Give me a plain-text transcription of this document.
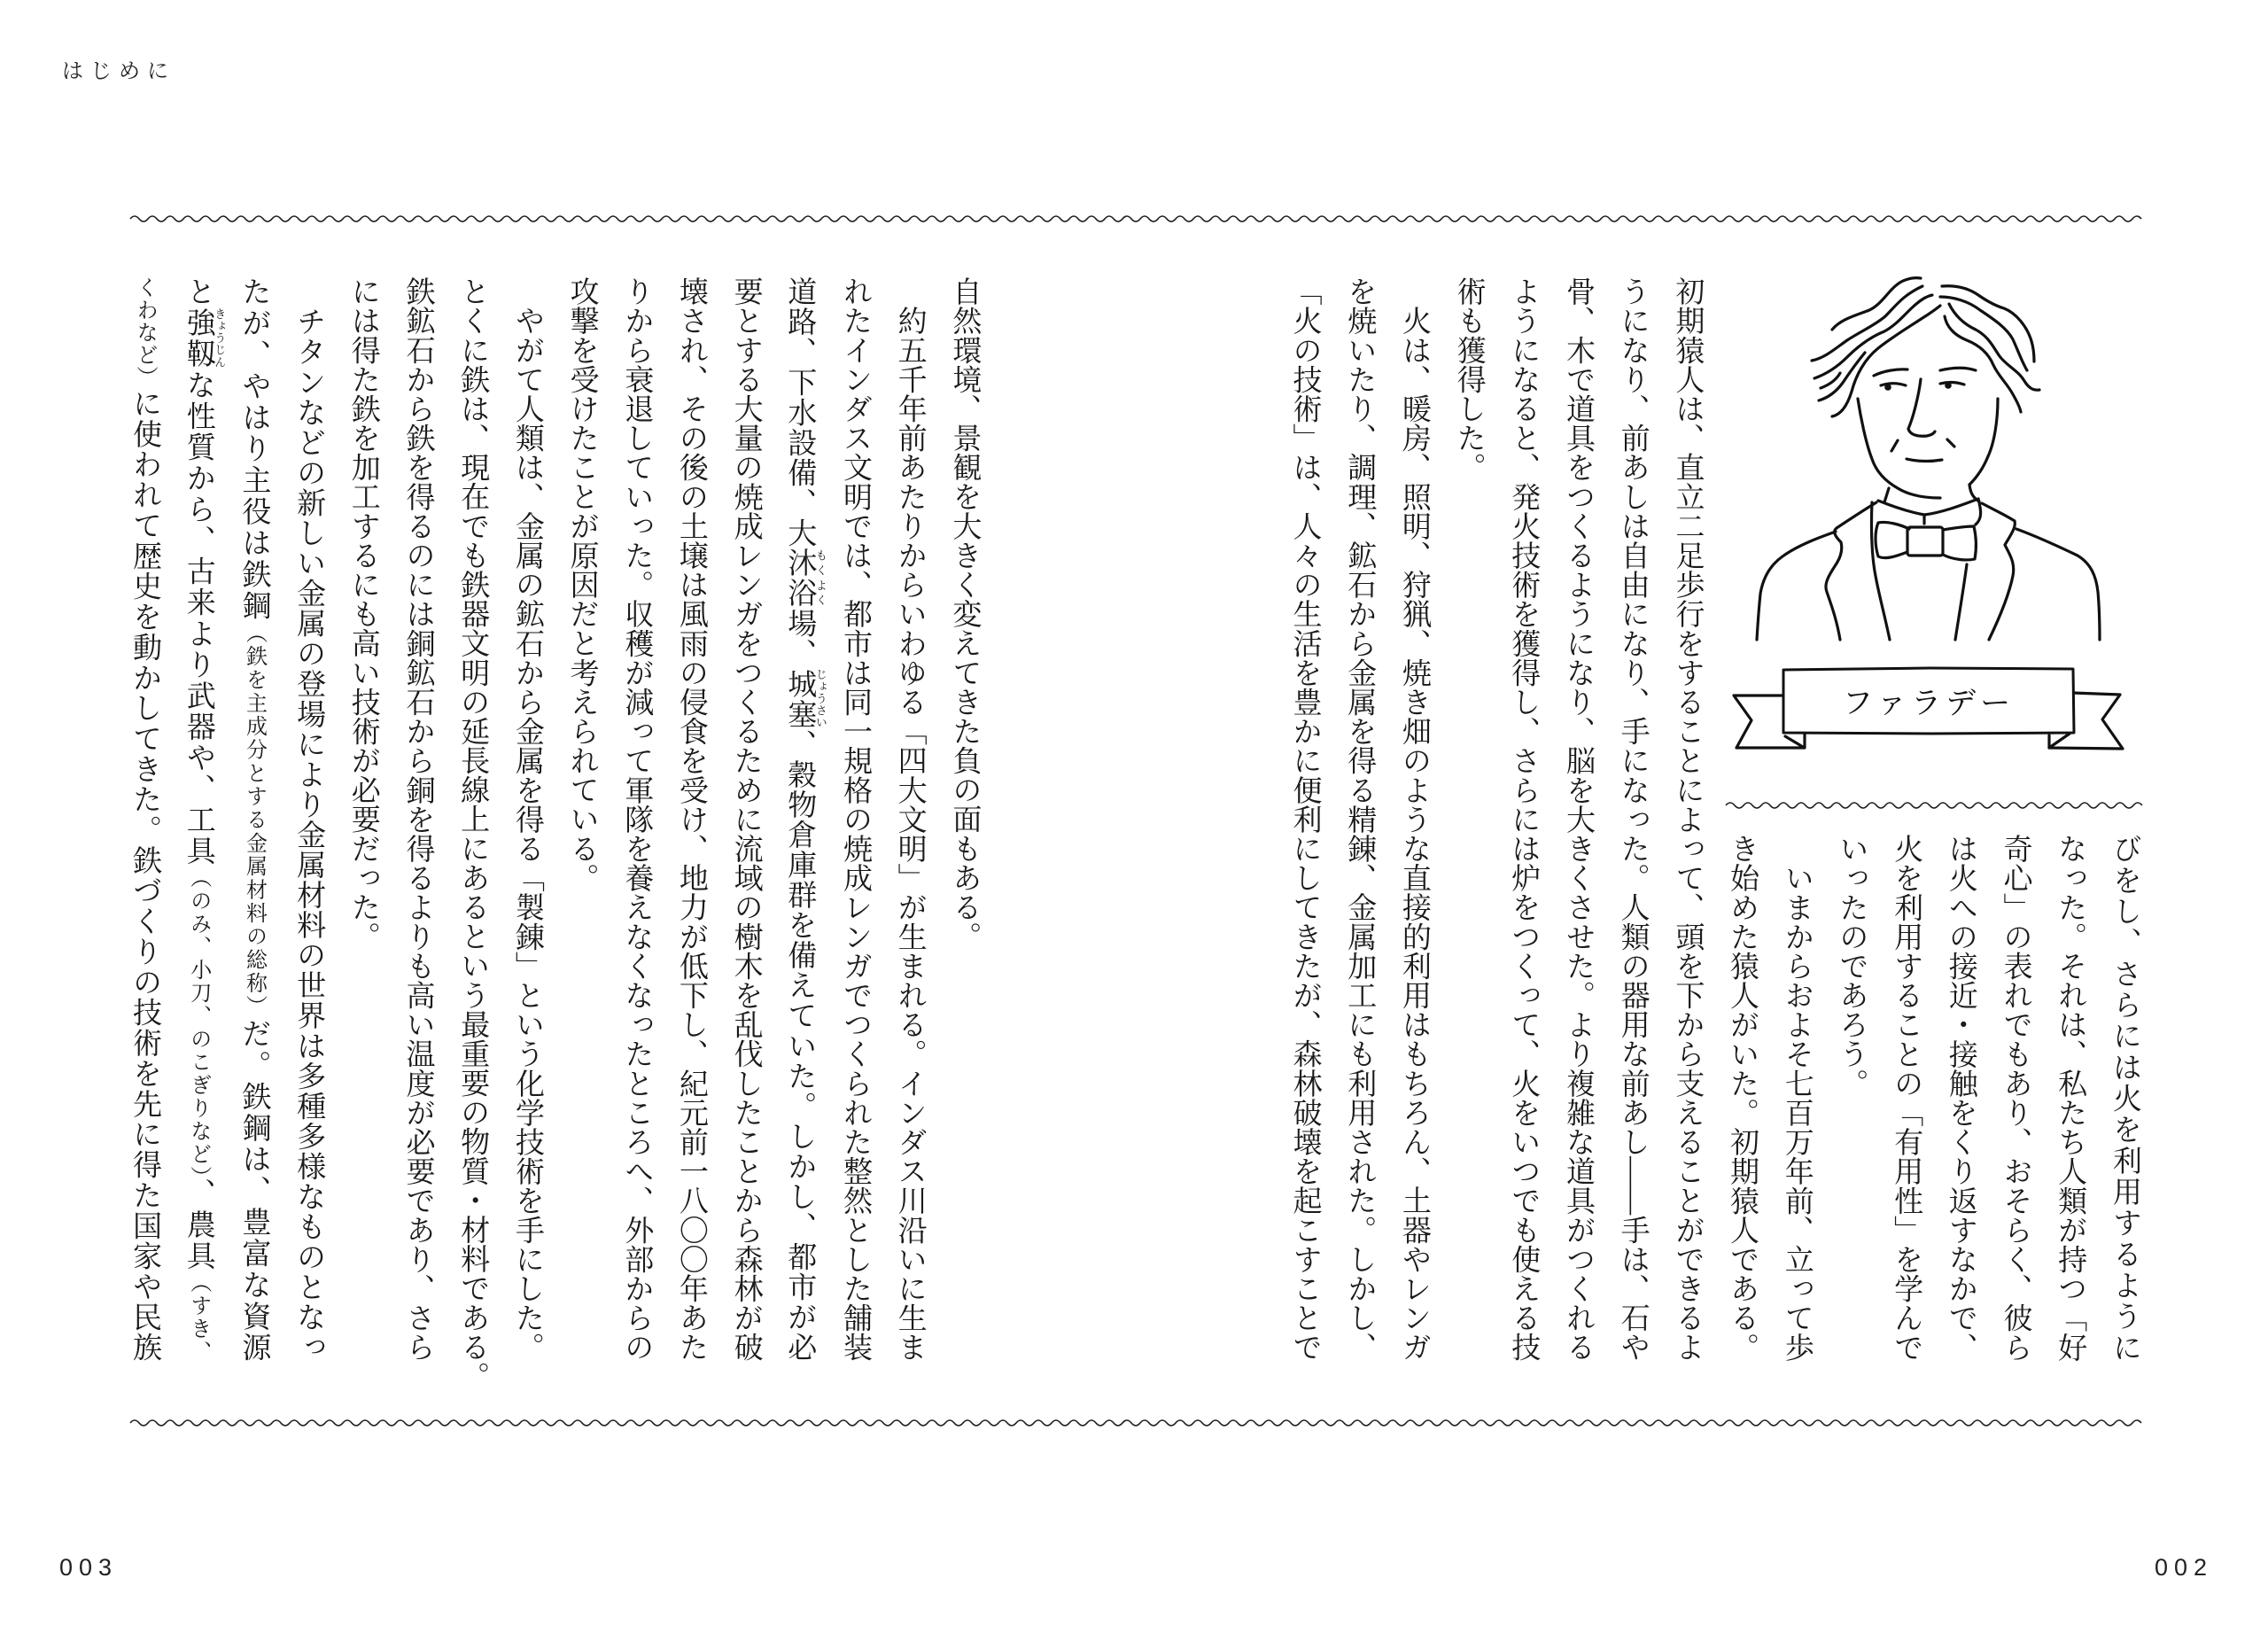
はじめに
自然環境、景観を大きく変えてきた負の面もある。
　約五千年前あたりからいわゆる「四大文明」が生まれる。インダス川沿いに生ま
れたインダス文明では、都市は同一規格の焼成レンガでつくられた整然とした舗装
道路、下水設備、大沐浴もくよく場、城塞じょうさい、穀物倉庫群を備えていた。しかし、都市が必
要とする大量の焼成レンガをつくるために流域の樹木を乱伐したことから森林が破
壊され、その後の土壌は風雨の侵食を受け、地力が低下し、紀元前一八〇〇年あた
りから衰退していった。収穫が減って軍隊を養えなくなったところへ、外部からの
攻撃を受けたことが原因だと考えられている。
　やがて人類は、金属の鉱石から金属を得る「製錬」という化学技術を手にした。
とくに鉄は、現在でも鉄器文明の延長線上にあるという最重要の物質・材料である。
鉄鉱石から鉄を得るのには銅鉱石から銅を得るよりも高い温度が必要であり、さら
には得た鉄を加工するにも高い技術が必要だった。
　チタンなどの新しい金属の登場により金属材料の世界は多種多様なものとなっ
たが、やはり主役は鉄鋼（鉄を主成分とする金属材料の総称）だ。鉄鋼は、豊富な資源
と強靱きょうじんな性質から、古来より武器や、工具（のみ、小刀、のこぎりなど）、農具（すき、
くわなど）に使われて歴史を動かしてきた。鉄づくりの技術を先に得た国家や民族	びをし、さらには火を利用するように
なった。それは、私たち人類が持つ「好
奇心」の表れでもあり、おそらく、彼ら
は火への接近・接触をくり返すなかで、
火を利用することの「有用性」を学んで
いったのであろう。
　いまからおよそ七百万年前、立って歩
き始めた猿人がいた。初期猿人である。
初期猿人は、直立二足歩行をすることによって、頭を下から支えることができるよ
うになり、前あしは自由になり、手になった。人類の器用な前あし——手は、石や
骨、木で道具をつくるようになり、脳を大きくさせた。より複雑な道具がつくれる
ようになると、発火技術を獲得し、さらには炉をつくって、火をいつでも使える技
術も獲得した。
　火は、暖房、照明、狩猟、焼き畑のような直接的利用はもちろん、土器やレンガ
を焼いたり、調理、鉱石から金属を得る精錬、金属加工にも利用された。しかし、
「火の技術」は、人々の生活を豊かに便利にしてきたが、森林破壊を起こすことで	ファラデー
003	002
